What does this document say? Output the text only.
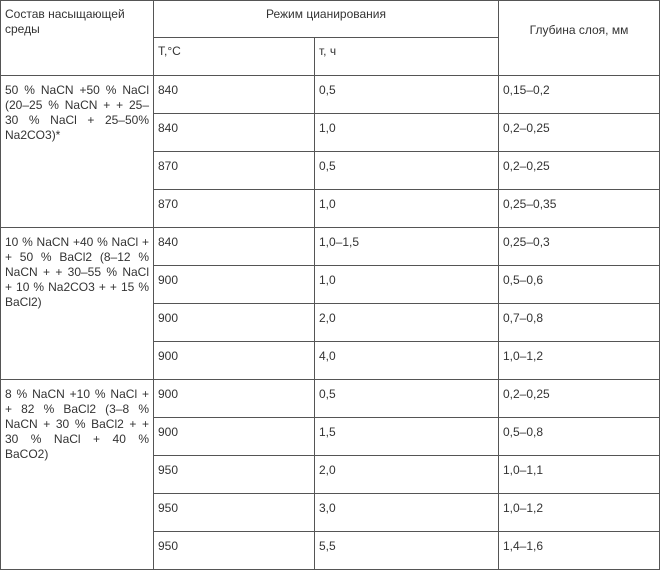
Состав насыщающей среды	Режим цианирования		Глубина слоя, мм
	T,°C	т, ч	
50 % NaCN +50 % NaCl (20–25 % NaCN + + 25–30 % NaCl + 25–50% Na2CO3)*	840	0,5	0,15–0,2
	840	1,0	0,2–0,25
	870	0,5	0,2–0,25
	870	1,0	0,25–0,35
10 % NaCN +40 % NaCl + + 50 % BaCl2 (8–12 % NaCN + + 30–55 % NaCl + 10 % Na2CO3 + + 15 % BaCl2)	840	1,0–1,5	0,25–0,3
	900	1,0	0,5–0,6
	900	2,0	0,7–0,8
	900	4,0	1,0–1,2
8 % NaCN +10 % NaCl + + 82 % BaCl2 (3–8 % NaCN + 30 % BaCl2 + + 30 % NaCl + 40 % BaCO2)	900	0,5	0,2–0,25
	900	1,5	0,5–0,8
	950	2,0	1,0–1,1
	950	3,0	1,0–1,2
	950	5,5	1,4–1,6
